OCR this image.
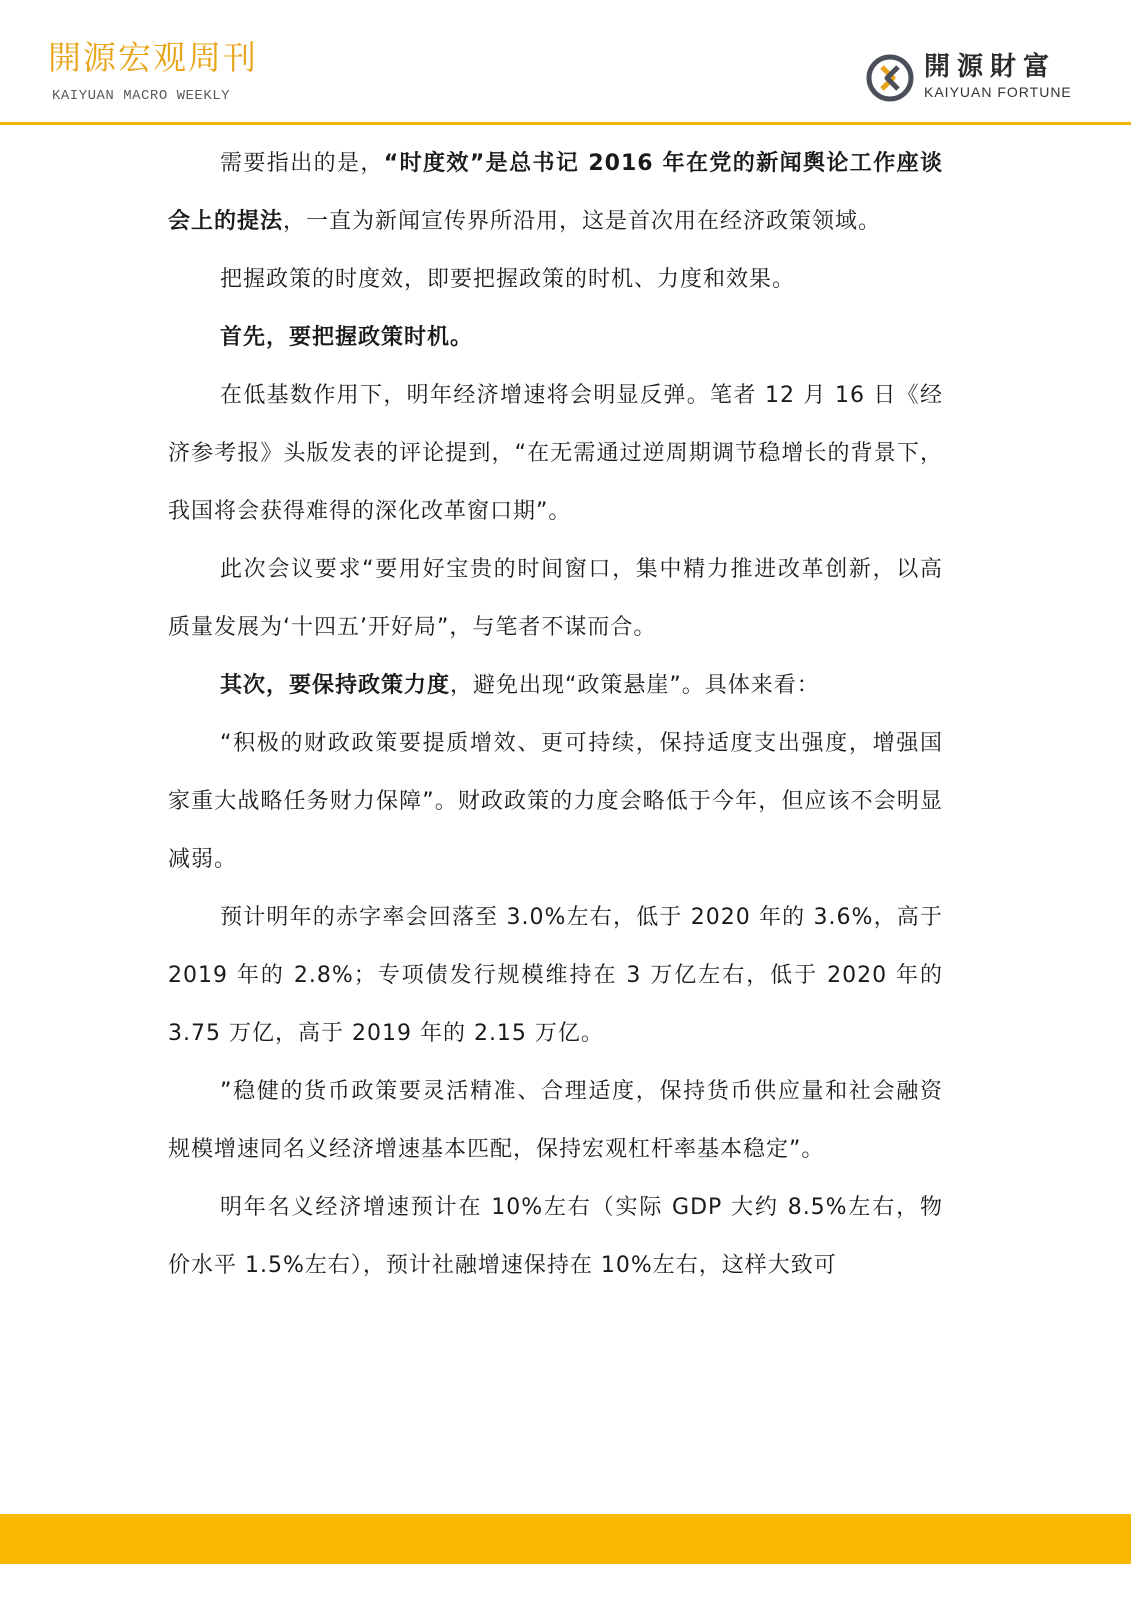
開源宏观周刊
KAIYUAN MACRO WEEKLY
開源財富
KAIYUAN FORTUNE

需要指出的是，“时度效”是总书记 2016 年在党的新闻舆论工作座谈会上的提法，一直为新闻宣传界所沿用，这是首次用在经济政策领域。

把握政策的时度效，即要把握政策的时机、力度和效果。

首先，要把握政策时机。

在低基数作用下，明年经济增速将会明显反弹。笔者 12 月 16 日《经济参考报》头版发表的评论提到，“在无需通过逆周期调节稳增长的背景下，我国将会获得难得的深化改革窗口期”。

此次会议要求“要用好宝贵的时间窗口，集中精力推进改革创新，以高质量发展为‘十四五’开好局”，与笔者不谋而合。

其次，要保持政策力度，避免出现“政策悬崖”。具体来看：

“积极的财政政策要提质增效、更可持续，保持适度支出强度，增强国家重大战略任务财力保障”。财政政策的力度会略低于今年，但应该不会明显减弱。

预计明年的赤字率会回落至 3.0%左右，低于 2020 年的 3.6%，高于 2019 年的 2.8%；专项债发行规模维持在 3 万亿左右，低于 2020 年的 3.75 万亿，高于 2019 年的 2.15 万亿。

”稳健的货币政策要灵活精准、合理适度，保持货币供应量和社会融资规模增速同名义经济增速基本匹配，保持宏观杠杆率基本稳定”。

明年名义经济增速预计在 10%左右（实际 GDP 大约 8.5%左右，物价水平 1.5%左右），预计社融增速保持在 10%左右，这样大致可
